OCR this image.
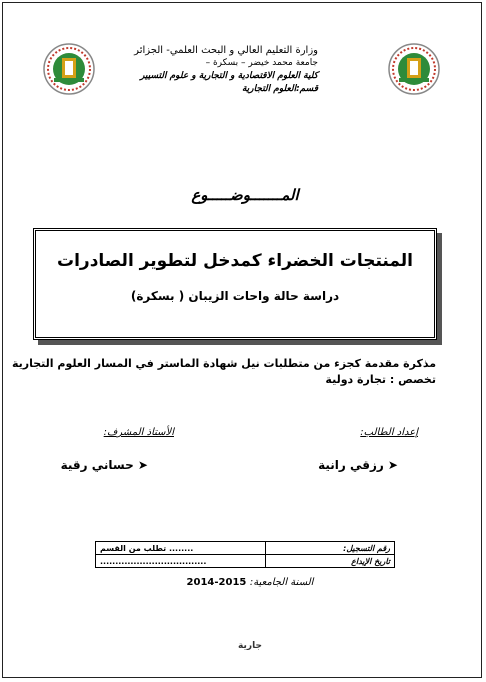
وزارة التعليم العالي و البحث العلمي- الجزائر
جامعة محمد خيضر – بسكرة –
كلية العلوم الاقتصادية و التجارية و علوم التسيير
قسم:العلوم التجارية
المـــــــوضـــــوع
المنتجات الخضراء كمدخل لتطوير الصادرات
دراسة حالة واحات الزيبان ( بسكرة)
مذكرة مقدمة كجزء من متطلبات نيل شهادة الماستر في المسار العلوم التجارية
تخصص : تجارة دولية
إعداد الطالب:
الأستاذ المشرف:
➤ رزقي رانية
➤ حساني رقية
رقم التسجيل:	........ تطلب من القسم
تاريخ الإيداع	...................................
السنة الجامعية: 2015-2014
جارية
